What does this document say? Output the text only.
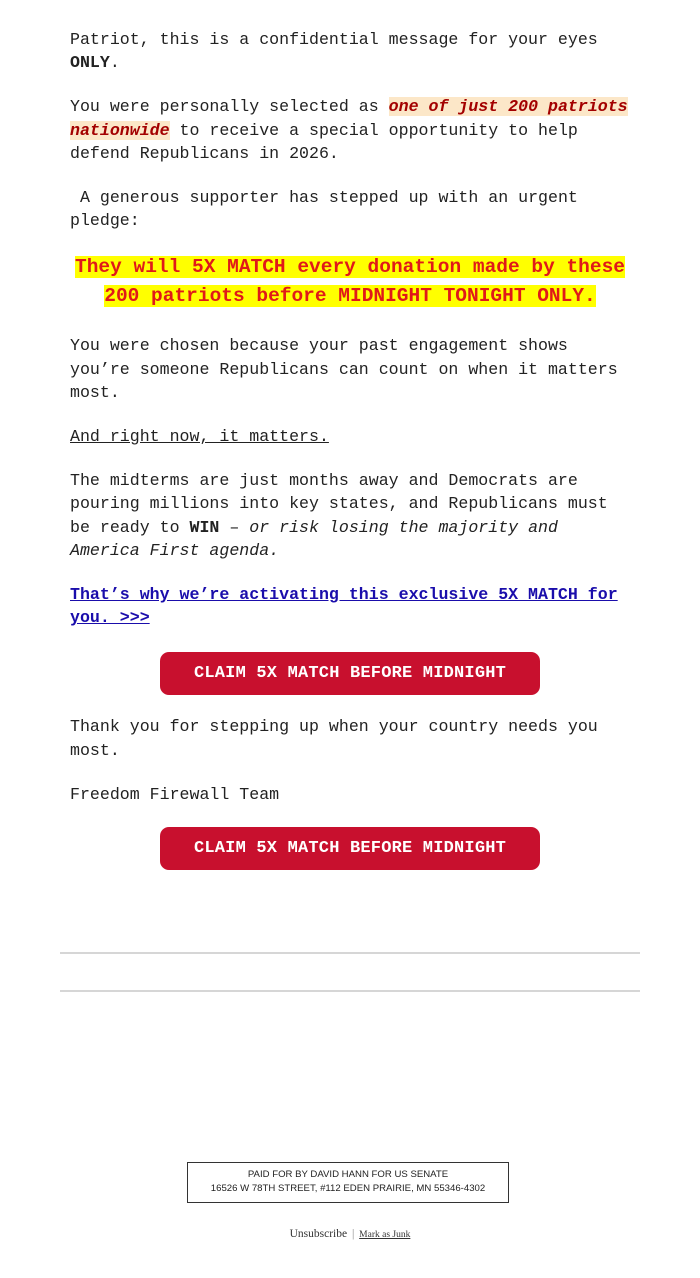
Patriot, this is a confidential message for your eyes ONLY.

You were personally selected as one of just 200 patriots nationwide to receive a special opportunity to help defend Republicans in 2026.

A generous supporter has stepped up with an urgent pledge:

They will 5X MATCH every donation made by these 200 patriots before MIDNIGHT TONIGHT ONLY.

You were chosen because your past engagement shows you’re someone Republicans can count on when it matters most.

And right now, it matters.

The midterms are just months away and Democrats are pouring millions into key states, and Republicans must be ready to WIN – or risk losing the majority and America First agenda.

That’s why we’re activating this exclusive 5X MATCH for you. >>>

CLAIM 5X MATCH BEFORE MIDNIGHT

Thank you for stepping up when your country needs you most.

Freedom Firewall Team

CLAIM 5X MATCH BEFORE MIDNIGHT
PAID FOR BY DAVID HANN FOR US SENATE
16526 W 78TH STREET, #112 EDEN PRAIRIE, MN 55346-4302
Unsubscribe | Mark as Junk
